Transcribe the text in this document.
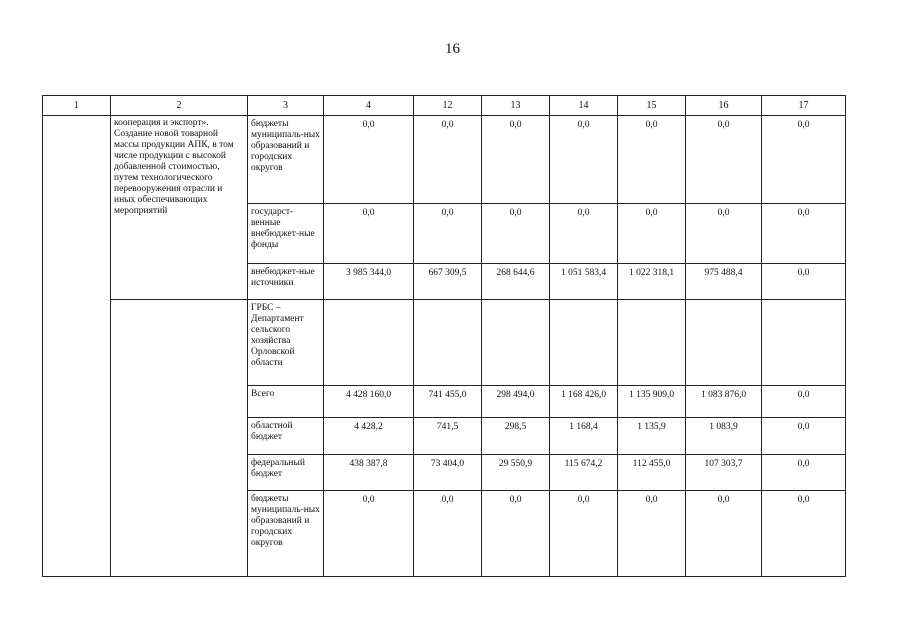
16
1	2	3	4	12	13	14	15	16	17
	кооперация и экспорт». Создание новой товарной массы продукции АПК, в том числе продукции с высокой добавленной стоимостью, путем технологического перевооружения отрасли и иных обеспечивающих мероприятий	бюджеты муниципаль-ных образований и городских округов	0,0	0,0	0,0	0,0	0,0	0,0	0,0
		государст-венные внебюджет-ные фонды	0,0	0,0	0,0	0,0	0,0	0,0	0,0
		внебюджет-ные источники	3 985 344,0	667 309,5	268 644,6	1 051 583,4	1 022 318,1	975 488,4	0,0
		ГРБС – Департамент сельского хозяйства Орловской области							
		Всего	4 428 160,0	741 455,0	298 494,0	1 168 426,0	1 135 909,0	1 083 876,0	0,0
		областной бюджет	4 428,2	741,5	298,5	1 168,4	1 135,9	1 083,9	0,0
		федеральный бюджет	438 387,8	73 404,0	29 550,9	115 674,2	112 455,0	107 303,7	0,0
		бюджеты муниципаль-ных образований и городских округов	0,0	0,0	0,0	0,0	0,0	0,0	0,0
